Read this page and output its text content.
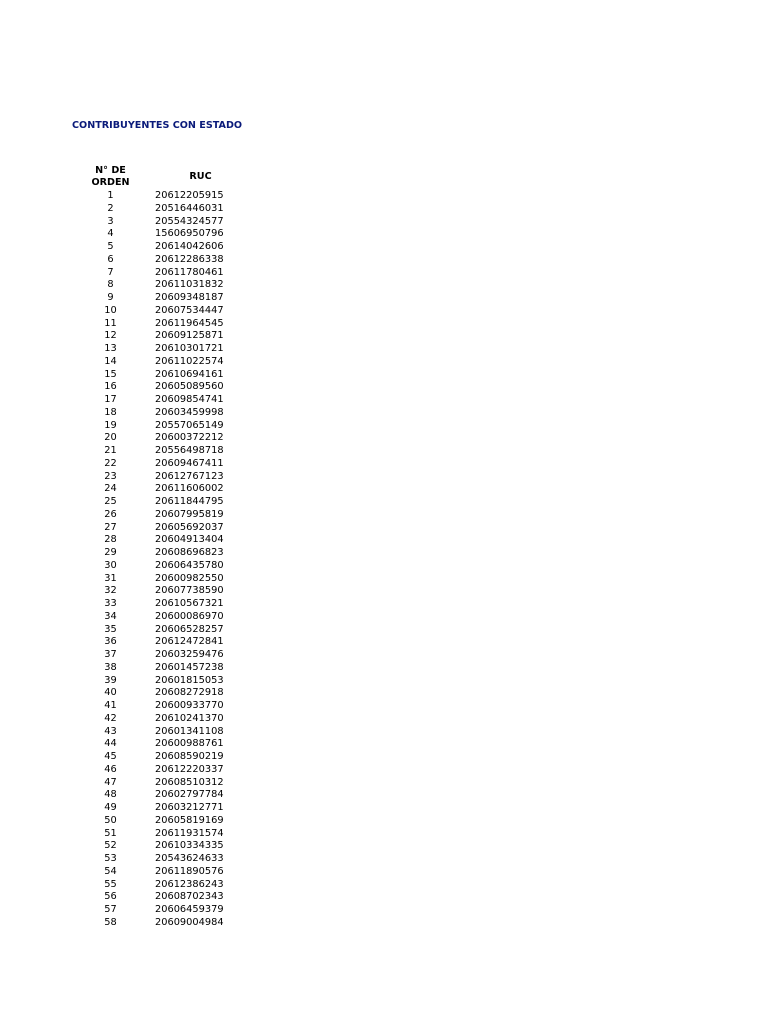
CONTRIBUYENTES CON ESTADO
N° DE
ORDEN
RUC
1	20612205915
2	20516446031
3	20554324577
4	15606950796
5	20614042606
6	20612286338
7	20611780461
8	20611031832
9	20609348187
10	20607534447
11	20611964545
12	20609125871
13	20610301721
14	20611022574
15	20610694161
16	20605089560
17	20609854741
18	20603459998
19	20557065149
20	20600372212
21	20556498718
22	20609467411
23	20612767123
24	20611606002
25	20611844795
26	20607995819
27	20605692037
28	20604913404
29	20608696823
30	20606435780
31	20600982550
32	20607738590
33	20610567321
34	20600086970
35	20606528257
36	20612472841
37	20603259476
38	20601457238
39	20601815053
40	20608272918
41	20600933770
42	20610241370
43	20601341108
44	20600988761
45	20608590219
46	20612220337
47	20608510312
48	20602797784
49	20603212771
50	20605819169
51	20611931574
52	20610334335
53	20543624633
54	20611890576
55	20612386243
56	20608702343
57	20606459379
58	20609004984
